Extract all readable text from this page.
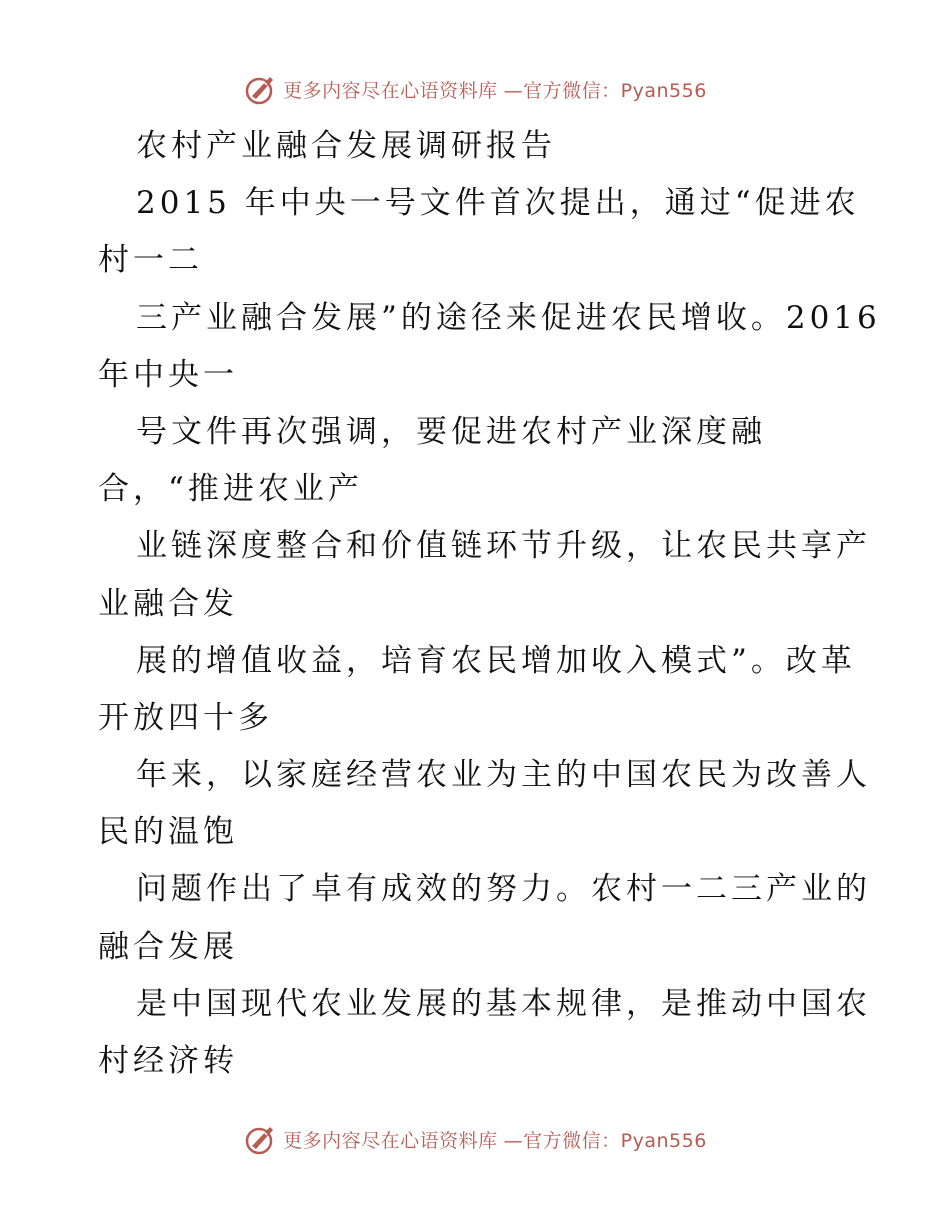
更多内容尽在心语资料库 —官方微信：Pyan556
农村产业融合发展调研报告
2015 年中央一号文件首次提出，通过“促进农
村一二
三产业融合发展”的途径来促进农民增收。2016
年中央一
号文件再次强调，要促进农村产业深度融
合，“推进农业产
业链深度整合和价值链环节升级，让农民共享产
业融合发
展的增值收益，培育农民增加收入模式”。改革
开放四十多
年来，以家庭经营农业为主的中国农民为改善人
民的温饱
问题作出了卓有成效的努力。农村一二三产业的
融合发展
是中国现代农业发展的基本规律，是推动中国农
村经济转
更多内容尽在心语资料库 —官方微信：Pyan556
